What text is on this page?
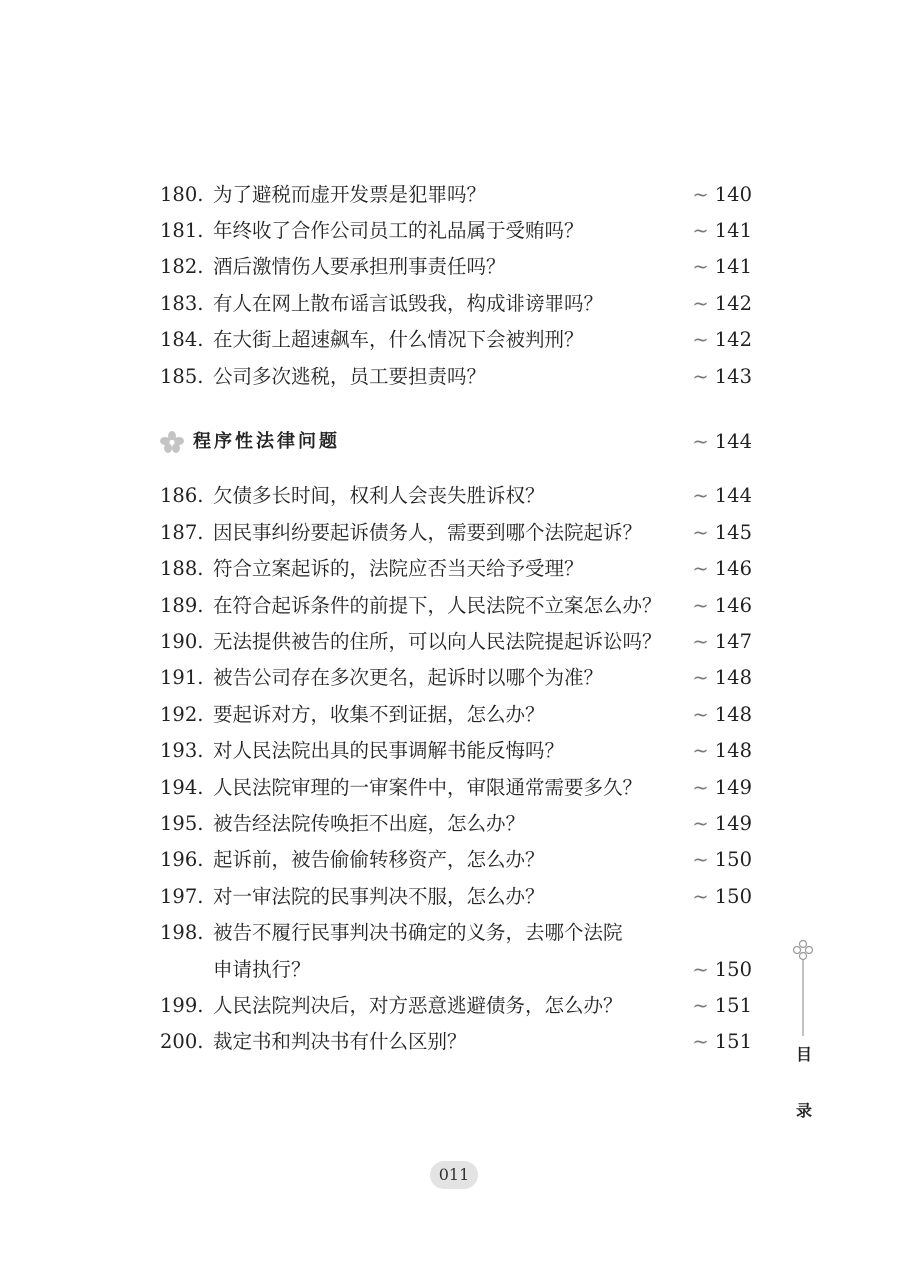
180. 为了避税而虚开发票是犯罪吗？	~ 140
181. 年终收了合作公司员工的礼品属于受贿吗？	~ 141
182. 酒后激情伤人要承担刑事责任吗？	~ 141
183. 有人在网上散布谣言诋毁我，构成诽谤罪吗？	~ 142
184. 在大街上超速飙车，什么情况下会被判刑？	~ 142
185. 公司多次逃税，员工要担责吗？	~ 143
程序性法律问题	~ 144
186. 欠债多长时间，权利人会丧失胜诉权？	~ 144
187. 因民事纠纷要起诉债务人，需要到哪个法院起诉？	~ 145
188. 符合立案起诉的，法院应否当天给予受理？	~ 146
189. 在符合起诉条件的前提下，人民法院不立案怎么办？ ~ 146
190. 无法提供被告的住所，可以向人民法院提起诉讼吗？ ~ 147
191. 被告公司存在多次更名，起诉时以哪个为准？	~ 148
192. 要起诉对方，收集不到证据，怎么办？	~ 148
193. 对人民法院出具的民事调解书能反悔吗？	~ 148
194. 人民法院审理的一审案件中，审限通常需要多久？	~ 149
195. 被告经法院传唤拒不出庭，怎么办？	~ 149
196. 起诉前，被告偷偷转移资产，怎么办？	~ 150
197. 对一审法院的民事判决不服，怎么办？	~ 150
198. 被告不履行民事判决书确定的义务，去哪个法院
申请执行？	~ 150
199. 人民法院判决后，对方恶意逃避债务，怎么办？	~ 151
200. 裁定书和判决书有什么区别？	~ 151
目
录
011
